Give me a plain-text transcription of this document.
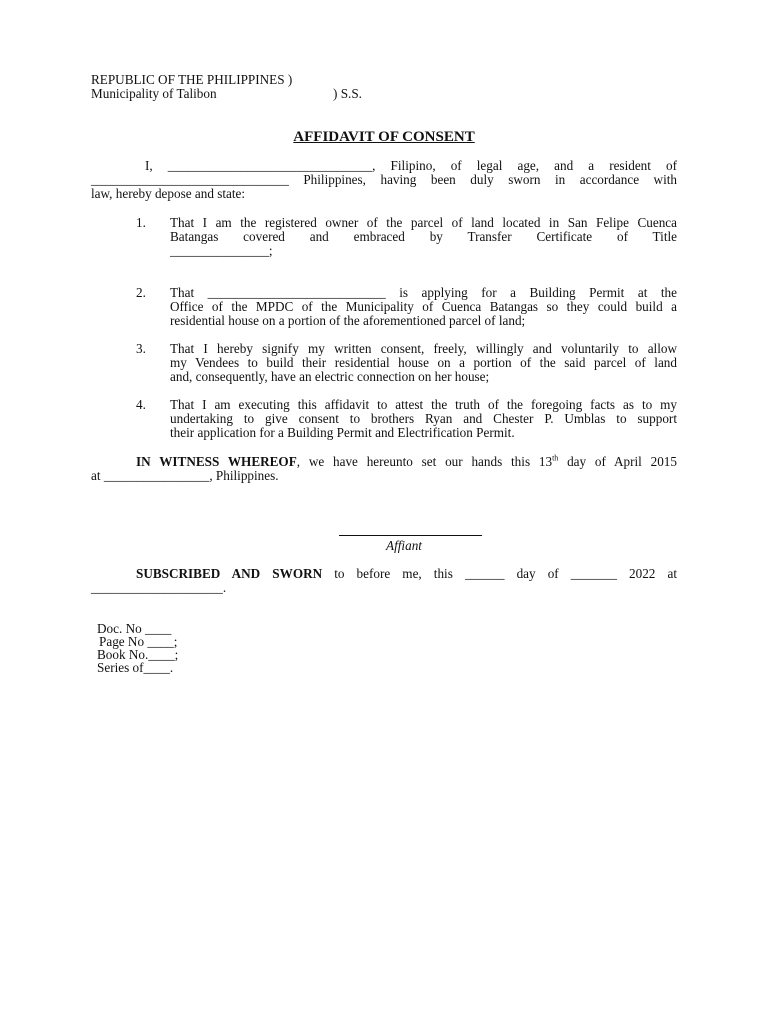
REPUBLIC OF THE PHILIPPINES )
Municipality of Talibon	) S.S.
AFFIDAVIT OF CONSENT
I, _______________________________, Filipino, of legal age, and a resident of
______________________________ Philippines, having been duly sworn in accordance with
law, hereby depose and state:
1. That I am the registered owner of the parcel of land located in San Felipe Cuenca
Batangas covered and embraced by Transfer Certificate of Title
_______________;
2. That ___________________________ is applying for a Building Permit at the
Office of the MPDC of the Municipality of Cuenca Batangas so they could build a
residential house on a portion of the aforementioned parcel of land;
3. That I hereby signify my written consent, freely, willingly and voluntarily to allow
my Vendees to build their residential house on a portion of the said parcel of land
and, consequently, have an electric connection on her house;
4. That I am executing this affidavit to attest the truth of the foregoing facts as to my
undertaking to give consent to brothers Ryan and Chester P. Umblas to support
their application for a Building Permit and Electrification Permit.
IN WITNESS WHEREOF, we have hereunto set our hands this 13th day of April 2015
at ________________, Philippines.
Affiant
SUBSCRIBED AND SWORN to before me, this ______ day of _______ 2022 at
____________________.
Doc. No ____
Page No ____;
Book No.____;
Series of____.
